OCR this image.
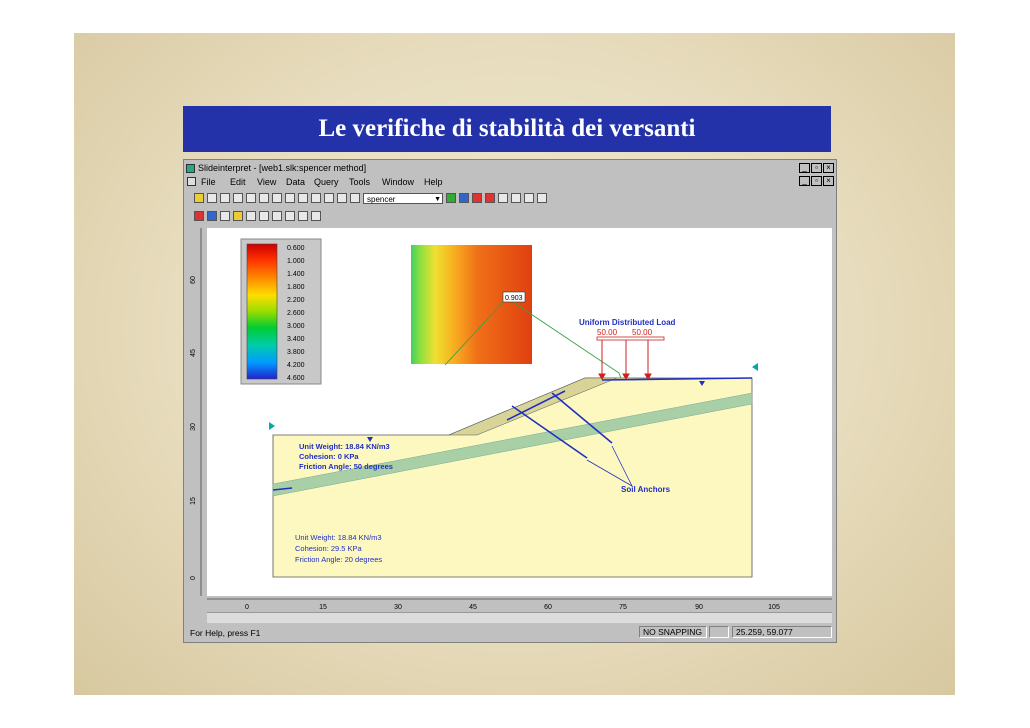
Le verifiche di stabilità dei versanti
Slideinterpret - [web1.slk:spencer method]	_	▫	×
File Edit View Data Query Tools Window Help	_	▫	×
spencer	▼
60
45
30
15
0
0.600
1.000
1.400
1.800
2.200
2.600
3.000
3.400
3.800
4.200
4.600
0.903
Soil Anchors
Uniform Distributed Load
50.00 50.00
Unit Weight: 18.84 KN/m3
Cohesion: 0 KPa
Friction Angle: 50 degrees
Unit Weight: 18.84 KN/m3
Cohesion: 29.5 KPa
Friction Angle: 20 degrees
0	15	30	45	60	75	90	105
For Help, press F1	NO SNAPPING	25.259, 59.077
